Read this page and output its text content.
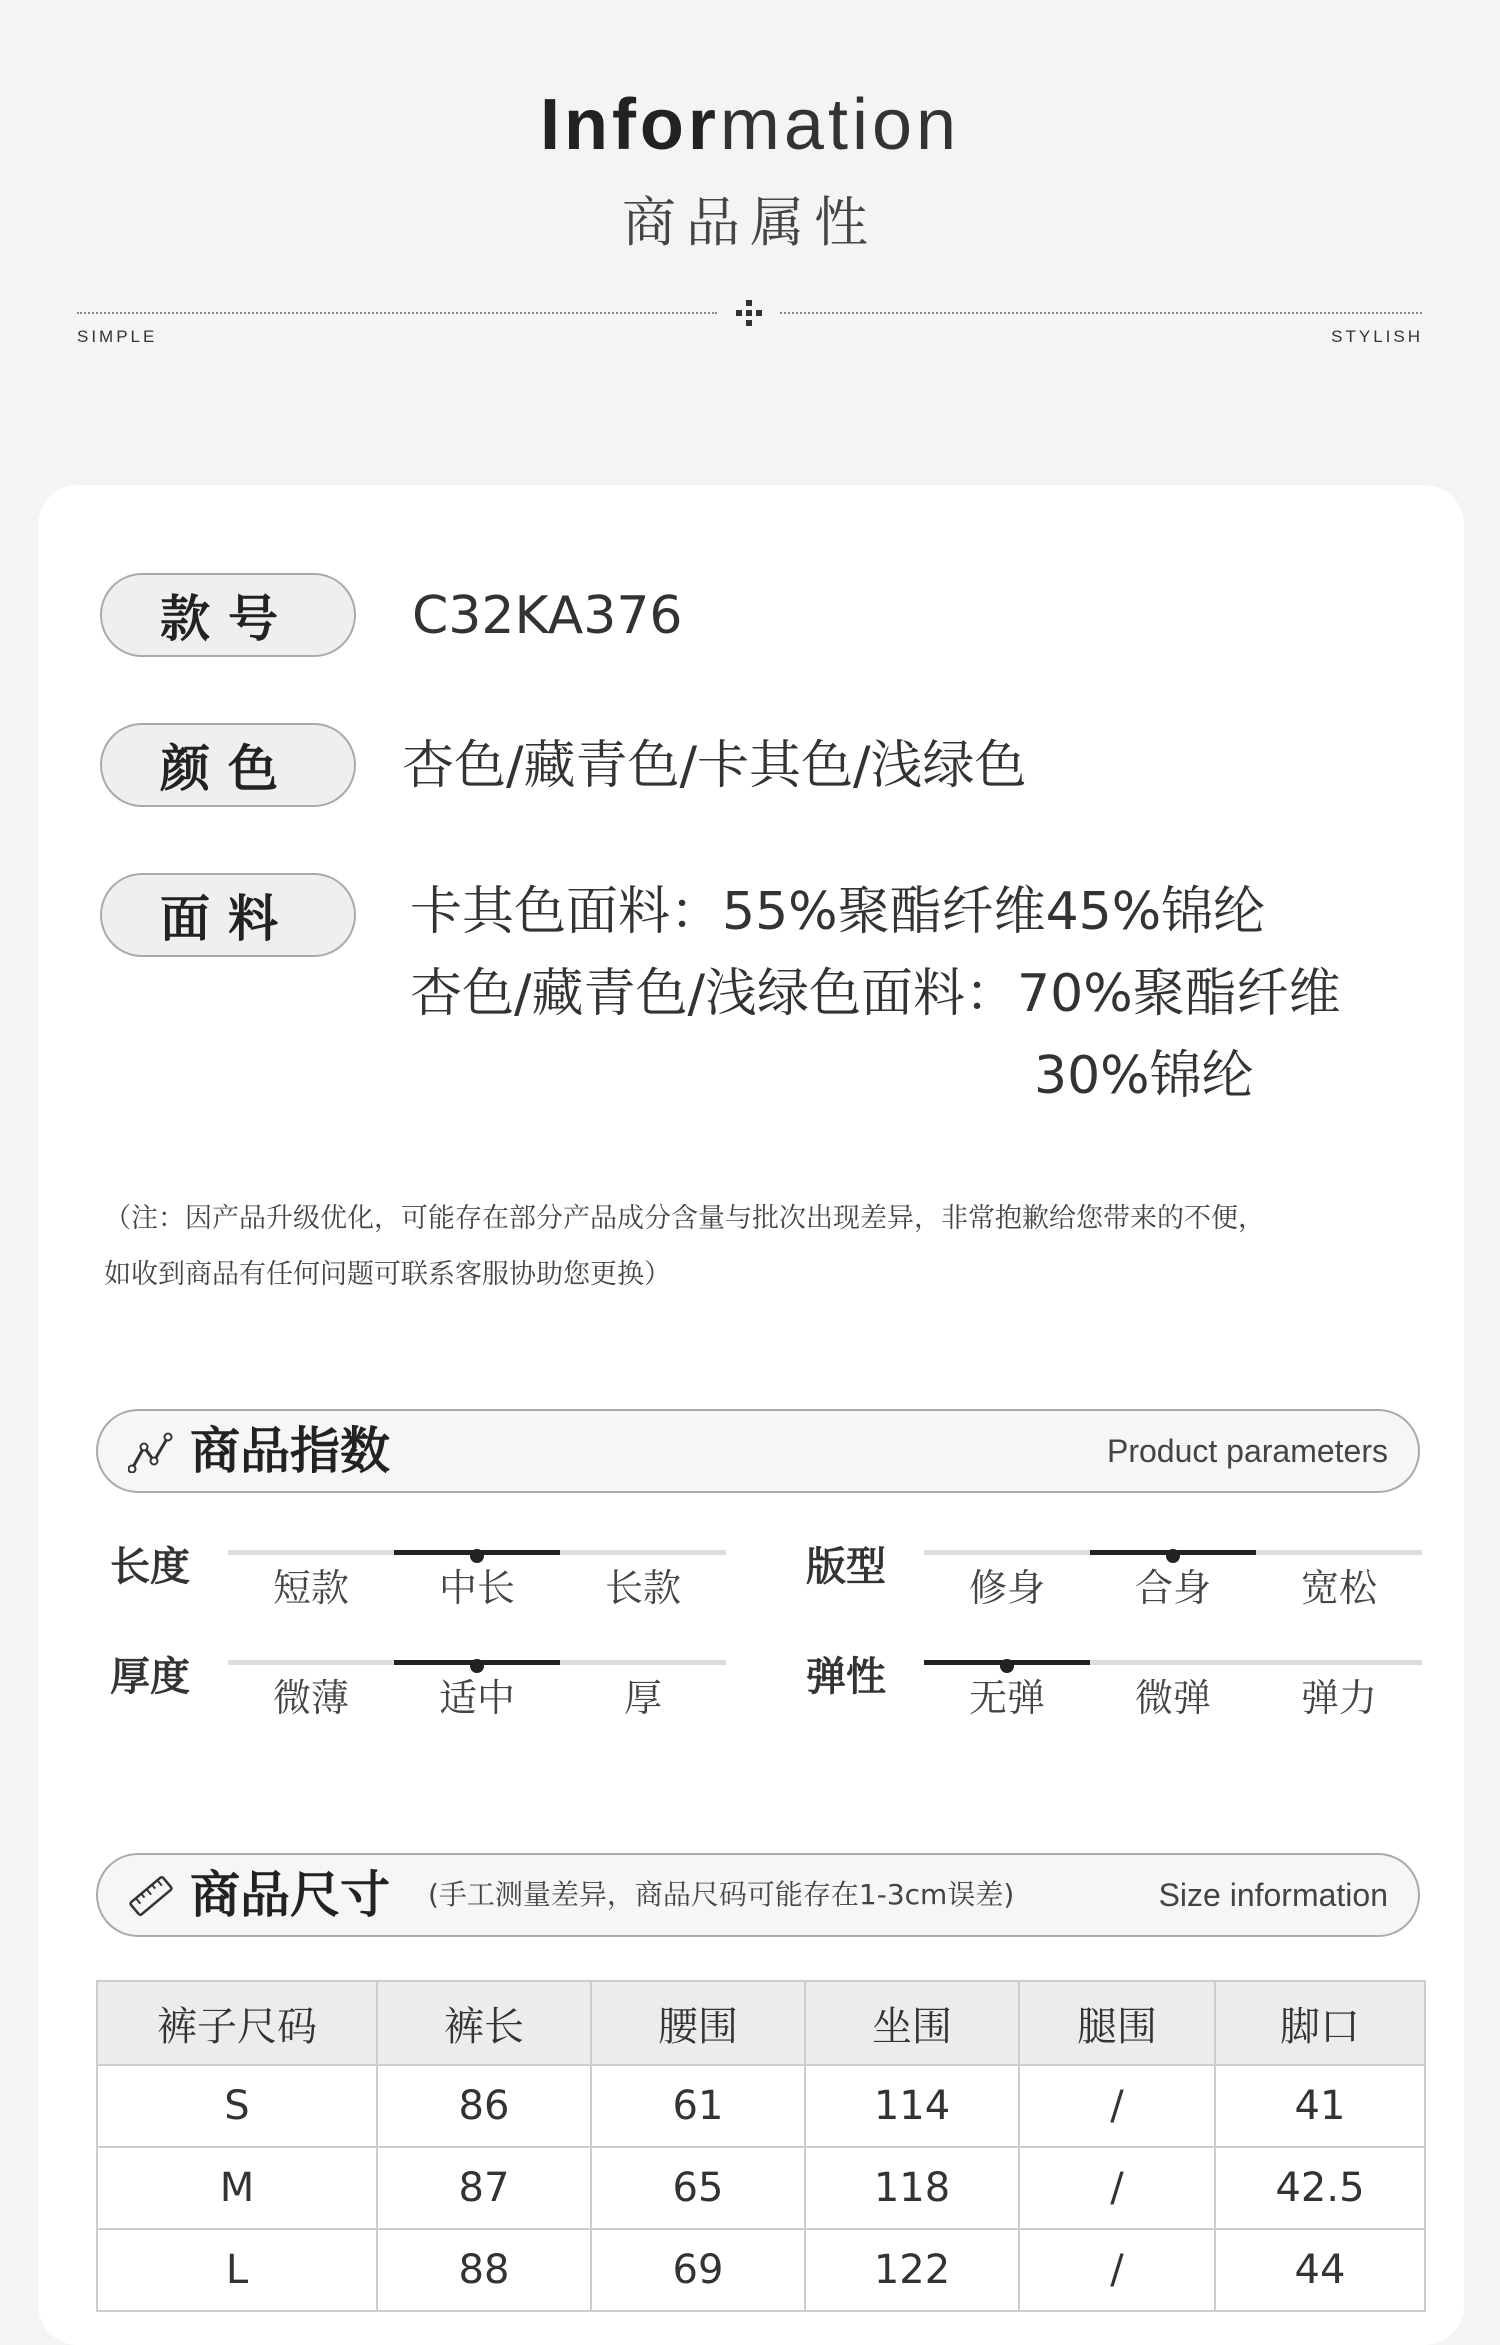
Information
商品属性
SIMPLE	STYLISH
款号	C32KA376
颜色	杏色/藏青色/卡其色/浅绿色
面料	卡其色面料：55%聚酯纤维45%锦纶
杏色/藏青色/浅绿色面料：70%聚酯纤维
30%锦纶
（注：因产品升级优化，可能存在部分产品成分含量与批次出现差异，非常抱歉给您带来的不便，
如收到商品有任何问题可联系客服协助您更换）
商品指数	Product parameters
长度	短款	中长	长款	版型	修身	合身	宽松
厚度	微薄	适中	厚	弹性	无弹	微弹	弹力
商品尺寸 (手工测量差异，商品尺码可能存在1-3cm误差)	Size information
裤子尺码	裤长	腰围	坐围	腿围	脚口
S	86	61	114	/	41
M	87	65	118	/	42.5
L	88	69	122	/	44
